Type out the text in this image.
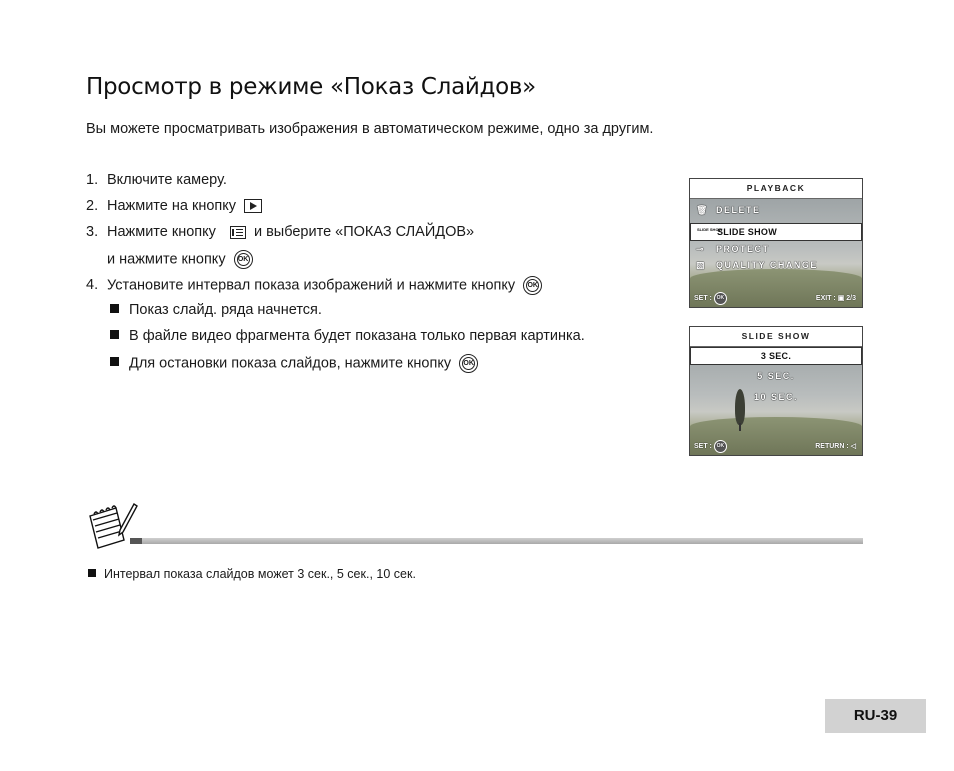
Просмотр в режиме «Показ Слайдов»
Вы можете просматривать изображения в автоматическом режиме, одно за другим.
1. Включите камеру.
2. Нажмите на кнопку
3. Нажмите кнопку	и выберите «ПОКАЗ СЛАЙДОВ»
и нажмите кнопку OK
4. Установите интервал показа изображений и нажмите кнопку OK
Показ слайд. ряда начнется.
В файле видео фрагмента будет показана только первая картинка.
Для остановки показа слайдов, нажмите кнопку OK
PLAYBACK
🗑 DELETE
SLIDE SHOW
SLIDE SHOW
⊸ PROTECT
▧ QUALITY CHANGE
SET : OK	EXIT : ▣ 2/3
SLIDE SHOW
3 SEC.
5 SEC.
10 SEC.
SET : OK	RETURN : ◁
Интервал показа слайдов может 3 сек., 5 сек., 10 сек.
RU-39
